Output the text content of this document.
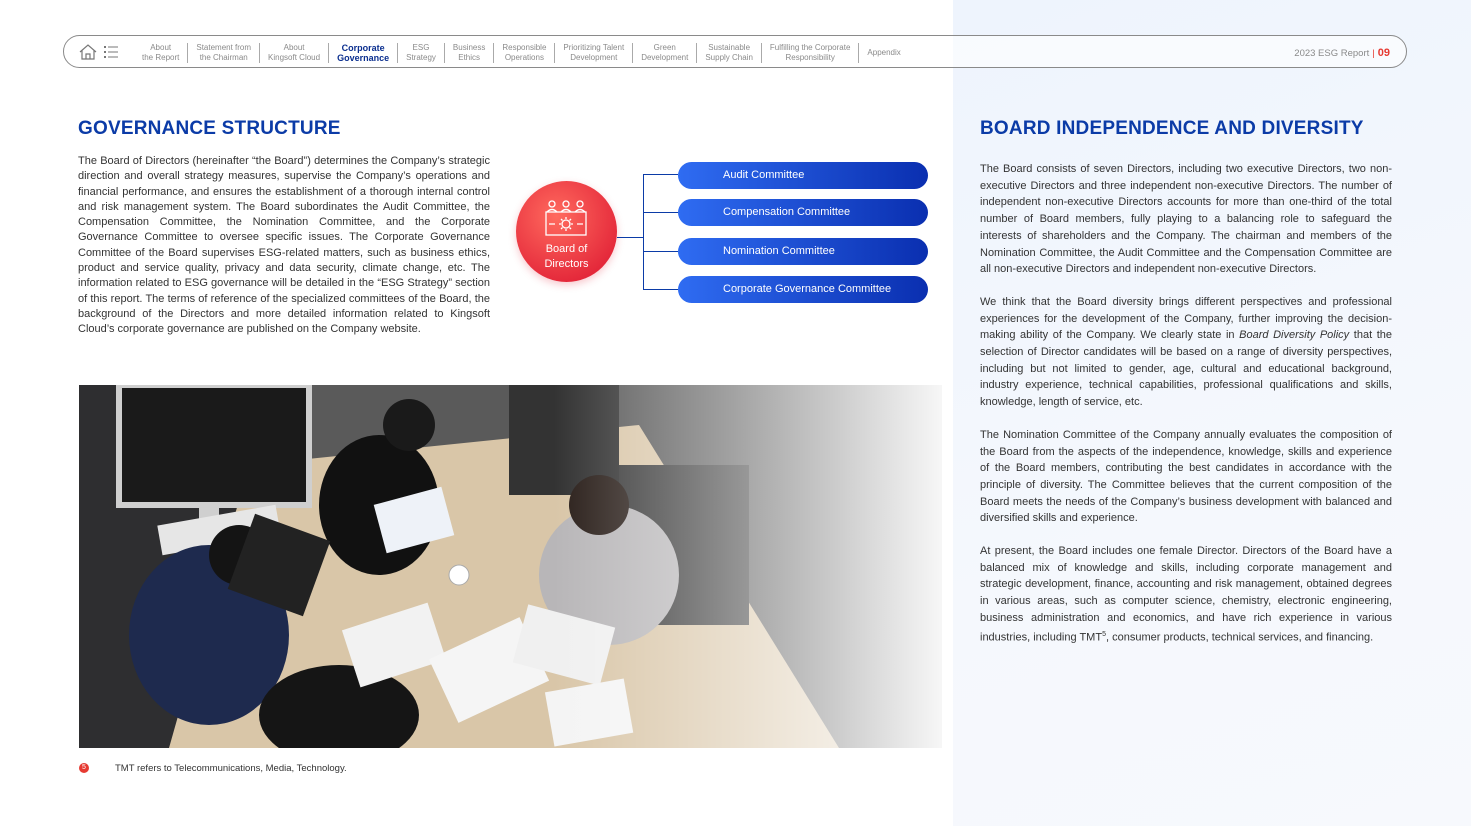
About
the Report
Statement from
the Chairman
About
Kingsoft Cloud
Corporate
Governance
ESG
Strategy
Business
Ethics
Responsible
Operations
Prioritizing Talent
Development
Green
Development
Sustainable
Supply Chain
Fulfilling the Corporate
Responsibility
Appendix	2023 ESG Report | 09
GOVERNANCE STRUCTURE
The Board of Directors (hereinafter “the Board”) determines the Company’s strategic direction and overall strategy measures, supervise the Company’s operations and financial performance, and ensures the establishment of a thorough internal control and risk management system. The Board subordinates the Audit Committee, the Compensation Committee, the Nomination Committee, and the Corporate Governance Committee to oversee specific issues. The Corporate Governance Committee of the Board supervises ESG-related matters, such as business ethics, product and service quality, privacy and data security, climate change, etc. The information related to ESG governance will be detailed in the “ESG Strategy” section of this report. The terms of reference of the specialized committees of the Board, the background of the Directors and more detailed information related to Kingsoft Cloud’s corporate governance are published on the Company website.
Board of
Directors
Audit Committee
Compensation Committee
Nomination Committee
Corporate Governance Committee
5	TMT refers to Telecommunications, Media, Technology.
BOARD INDEPENDENCE AND DIVERSITY

The Board consists of seven Directors, including two executive Directors, two non-executive Directors and three independent non-executive Directors. The number of independent non-executive Directors accounts for more than one-third of the total number of Board members, fully playing to a balancing role to safeguard the interests of shareholders and the Company. The chairman and members of the Nomination Committee, the Audit Committee and the Compensation Committee are all non-executive Directors and independent non-executive Directors.

We think that the Board diversity brings different perspectives and professional experiences for the development of the Company, further improving the decision-making ability of the Company. We clearly state in Board Diversity Policy that the selection of Director candidates will be based on a range of diversity perspectives, including but not limited to gender, age, cultural and educational background, industry experience, technical capabilities, professional qualifications and skills, knowledge, length of service, etc.

The Nomination Committee of the Company annually evaluates the composition of the Board from the aspects of the independence, knowledge, skills and experience of the Board members, contributing the best candidates in accordance with the principle of diversity. The Committee believes that the current composition of the Board meets the needs of the Company’s business development with balanced and diversified skills and experience.

At present, the Board includes one female Director. Directors of the Board have a balanced mix of knowledge and skills, including corporate management and strategic development, finance, accounting and risk management, obtained degrees in various areas, such as computer science, chemistry, electronic engineering, business administration and economics, and have rich experience in various industries, including TMT$^5$, consumer products, technical services, and financing.
